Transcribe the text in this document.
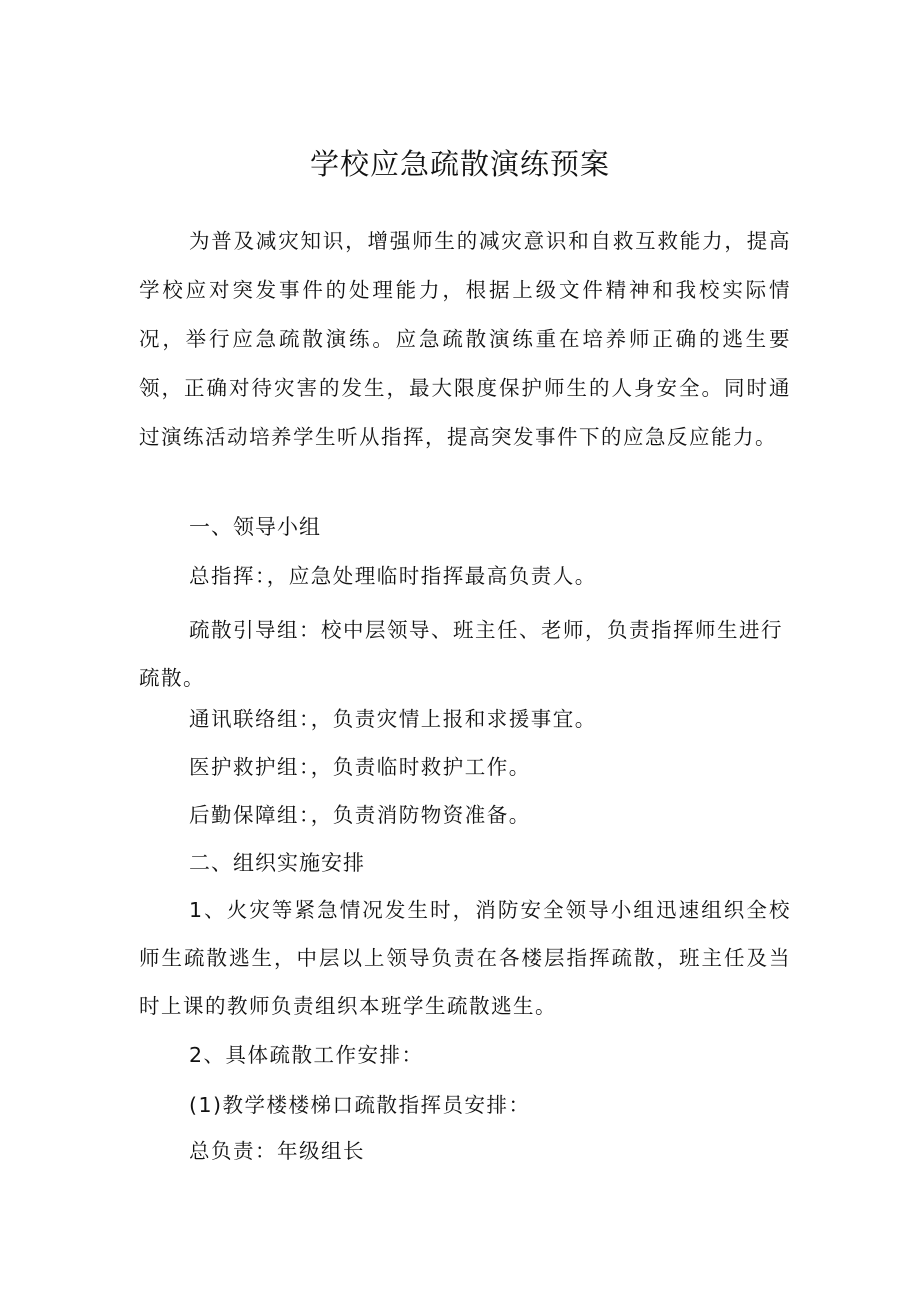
学校应急疏散演练预案

为普及减灾知识，增强师生的减灾意识和自救互救能力，提高学校应对突发事件的处理能力，根据上级文件精神和我校实际情况，举行应急疏散演练。应急疏散演练重在培养师正确的逃生要领，正确对待灾害的发生，最大限度保护师生的人身安全。同时通过演练活动培养学生听从指挥，提高突发事件下的应急反应能力。

一、领导小组

总指挥：，应急处理临时指挥最高负责人。

疏散引导组：校中层领导、班主任、老师，负责指挥师生进行疏散。

通讯联络组：，负责灾情上报和求援事宜。

医护救护组：，负责临时救护工作。

后勤保障组：，负责消防物资准备。

二、组织实施安排

1、火灾等紧急情况发生时，消防安全领导小组迅速组织全校师生疏散逃生，中层以上领导负责在各楼层指挥疏散，班主任及当时上课的教师负责组织本班学生疏散逃生。

2、具体疏散工作安排：

(1)教学楼楼梯口疏散指挥员安排：

总负责：年级组长
